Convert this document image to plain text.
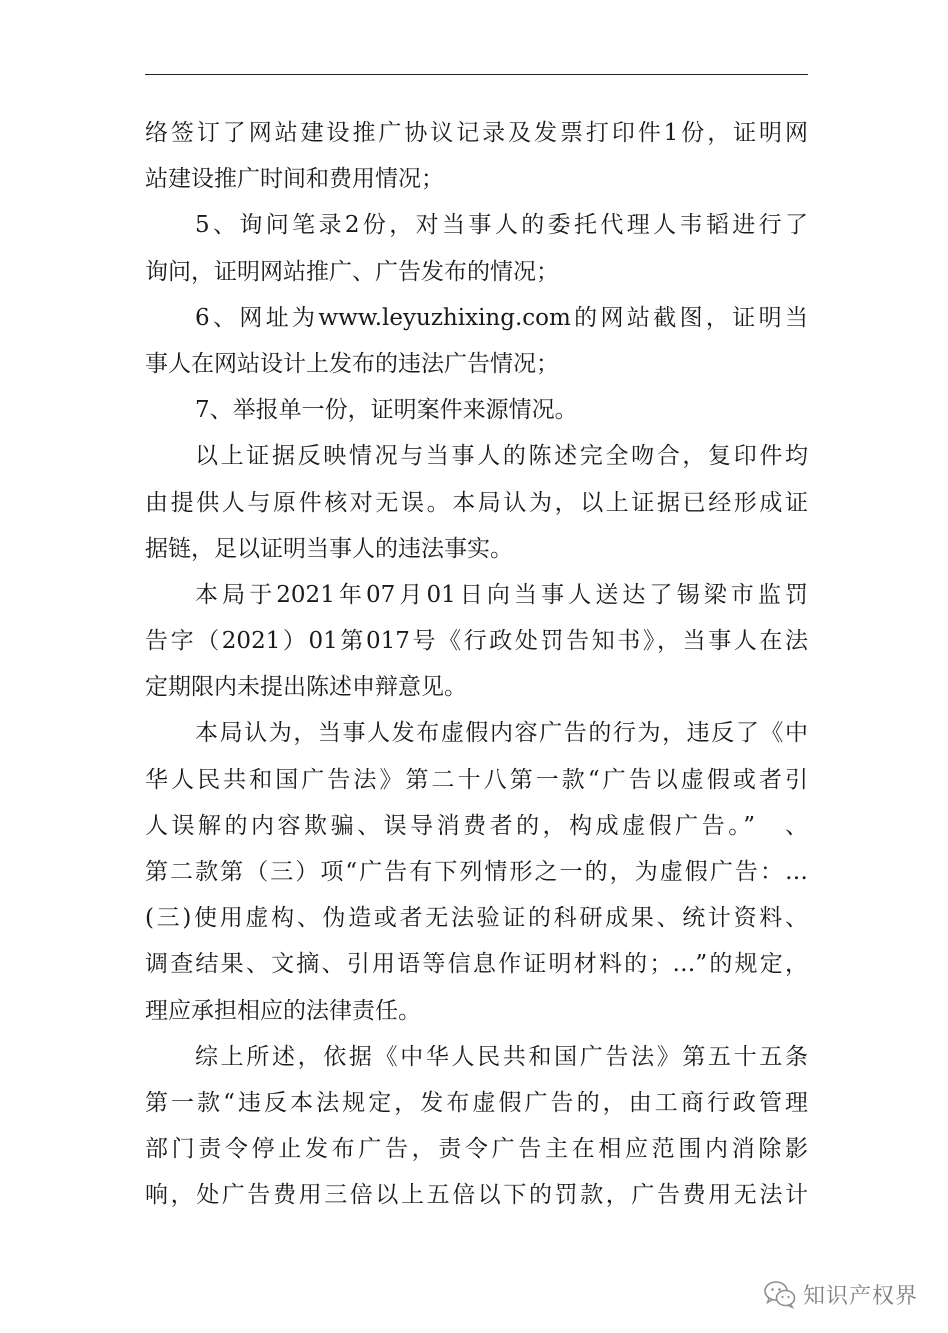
络签订了网站建设推广协议记录及发票打印件1份，证明网
站建设推广时间和费用情况；
5、询问笔录2份，对当事人的委托代理人韦韬进行了
询问，证明网站推广、广告发布的情况；
6、网址为www.leyuzhixing.com的网站截图，证明当
事人在网站设计上发布的违法广告情况；
7、举报单一份，证明案件来源情况。
以上证据反映情况与当事人的陈述完全吻合，复印件均
由提供人与原件核对无误。本局认为，以上证据已经形成证
据链，足以证明当事人的违法事实。
本局于2021年07月01日向当事人送达了锡梁市监罚
告字（2021）01第017号《行政处罚告知书》，当事人在法
定期限内未提出陈述申辩意见。
本局认为，当事人发布虚假内容广告的行为，违反了《中
华人民共和国广告法》第二十八第一款“广告以虚假或者引
人误解的内容欺骗、误导消费者的，构成虚假广告。”　、
第二款第（三）项“广告有下列情形之一的，为虚假广告：…
(三)使用虚构、伪造或者无法验证的科研成果、统计资料、
调查结果、文摘、引用语等信息作证明材料的；…”的规定，
理应承担相应的法律责任。
综上所述，依据《中华人民共和国广告法》第五十五条
第一款“违反本法规定，发布虚假广告的，由工商行政管理
部门责令停止发布广告，责令广告主在相应范围内消除影
响，处广告费用三倍以上五倍以下的罚款，广告费用无法计
知识产权界
